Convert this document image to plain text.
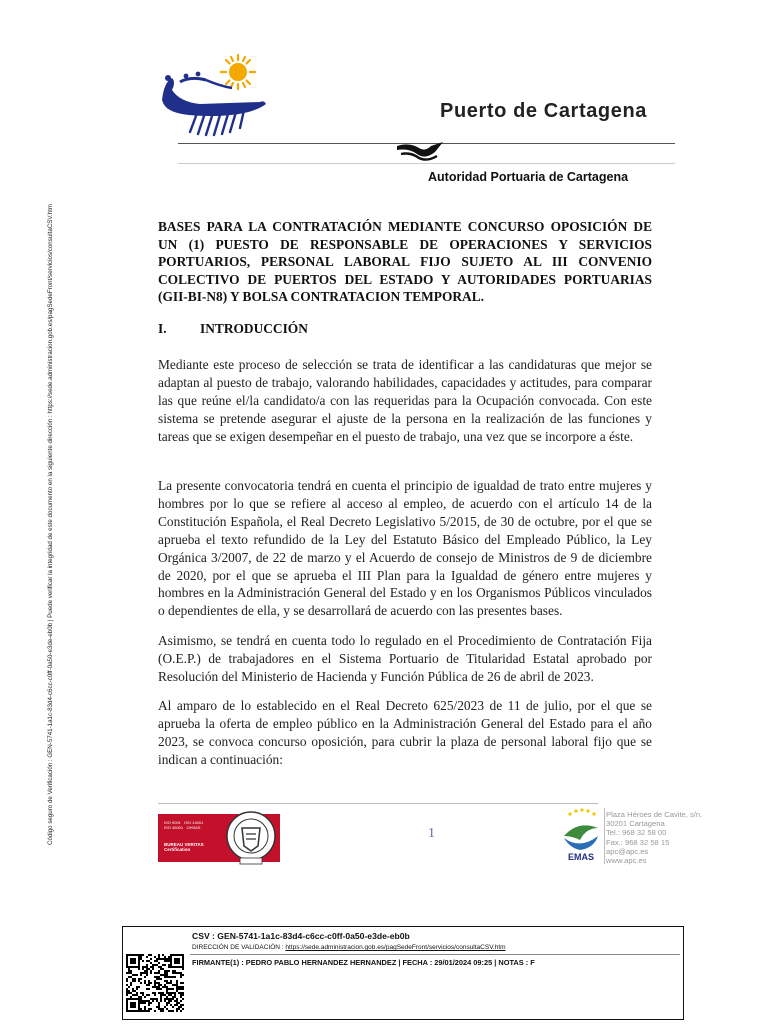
Código seguro de Verificación : GEN-5741-1a1c-83d4-c6cc-c0ff-0a50-e3de-eb0b | Puede verificar la integridad de este documento en la siguiente dirección : https://sede.administracion.gob.es/pagSedeFront/servicios/consultaCSV.htm
Puerto de Cartagena
Autoridad Portuaria de Cartagena
BASES PARA LA CONTRATACIÓN MEDIANTE CONCURSO OPOSICIÓN DE UN (1) PUESTO DE RESPONSABLE DE OPERACIONES Y SERVICIOS PORTUARIOS, PERSONAL LABORAL FIJO SUJETO AL III CONVENIO COLECTIVO DE PUERTOS DEL ESTADO Y AUTORIDADES PORTUARIAS (GII-BI-N8) Y BOLSA CONTRATACION TEMPORAL.
I. INTRODUCCIÓN

Mediante este proceso de selección se trata de identificar a las candidaturas que mejor se adaptan al puesto de trabajo, valorando habilidades, capacidades y actitudes, para comparar las que reúne el/la candidato/a con las requeridas para la Ocupación convocada. Con este sistema se pretende asegurar el ajuste de la persona en la realización de las funciones y tareas que se exigen desempeñar en el puesto de trabajo, una vez que se incorpore a éste.

La presente convocatoria tendrá en cuenta el principio de igualdad de trato entre mujeres y hombres por lo que se refiere al acceso al empleo, de acuerdo con el artículo 14 de la Constitución Española, el Real Decreto Legislativo 5/2015, de 30 de octubre, por el que se aprueba el texto refundido de la Ley del Estatuto Básico del Empleado Público, la Ley Orgánica 3/2007, de 22 de marzo y el Acuerdo de consejo de Ministros de 9 de diciembre de 2020, por el que se aprueba el III Plan para la Igualdad de género entre mujeres y hombres en la Administración General del Estado y en los Organismos Públicos vinculados o dependientes de ella, y se desarrollará de acuerdo con las presentes bases.

Asimismo, se tendrá en cuenta todo lo regulado en el Procedimiento de Contratación Fija (O.E.P.) de trabajadores en el Sistema Portuario de Titularidad Estatal aprobado por Resolución del Ministerio de Hacienda y Función Pública de 26 de abril de 2023.

Al amparo de lo establecido en el Real Decreto 625/2023 de 11 de julio, por el que se aprueba la oferta de empleo público en la Administración General del Estado para el año 2023, se convoca concurso oposición, para cubrir la plaza de personal laboral fijo que se indican a continuación:

ISO 9001   ISO 14001
ISO 45001   OHSAS
BUREAU VERITAS Certification
1
EMAS
Plaza Héroes de Cavite, s/n.
30201 Cartagena
Tel.: 968 32 58 00
Fax.: 968 32 58 15
apc@apc.es
www.apc.es
CSV : GEN-5741-1a1c-83d4-c6cc-c0ff-0a50-e3de-eb0b
DIRECCIÓN DE VALIDACIÓN : https://sede.administracion.gob.es/pagSedeFront/servicios/consultaCSV.htm
FIRMANTE(1) : PEDRO PABLO HERNANDEZ HERNANDEZ | FECHA : 29/01/2024 09:25 | NOTAS : F
